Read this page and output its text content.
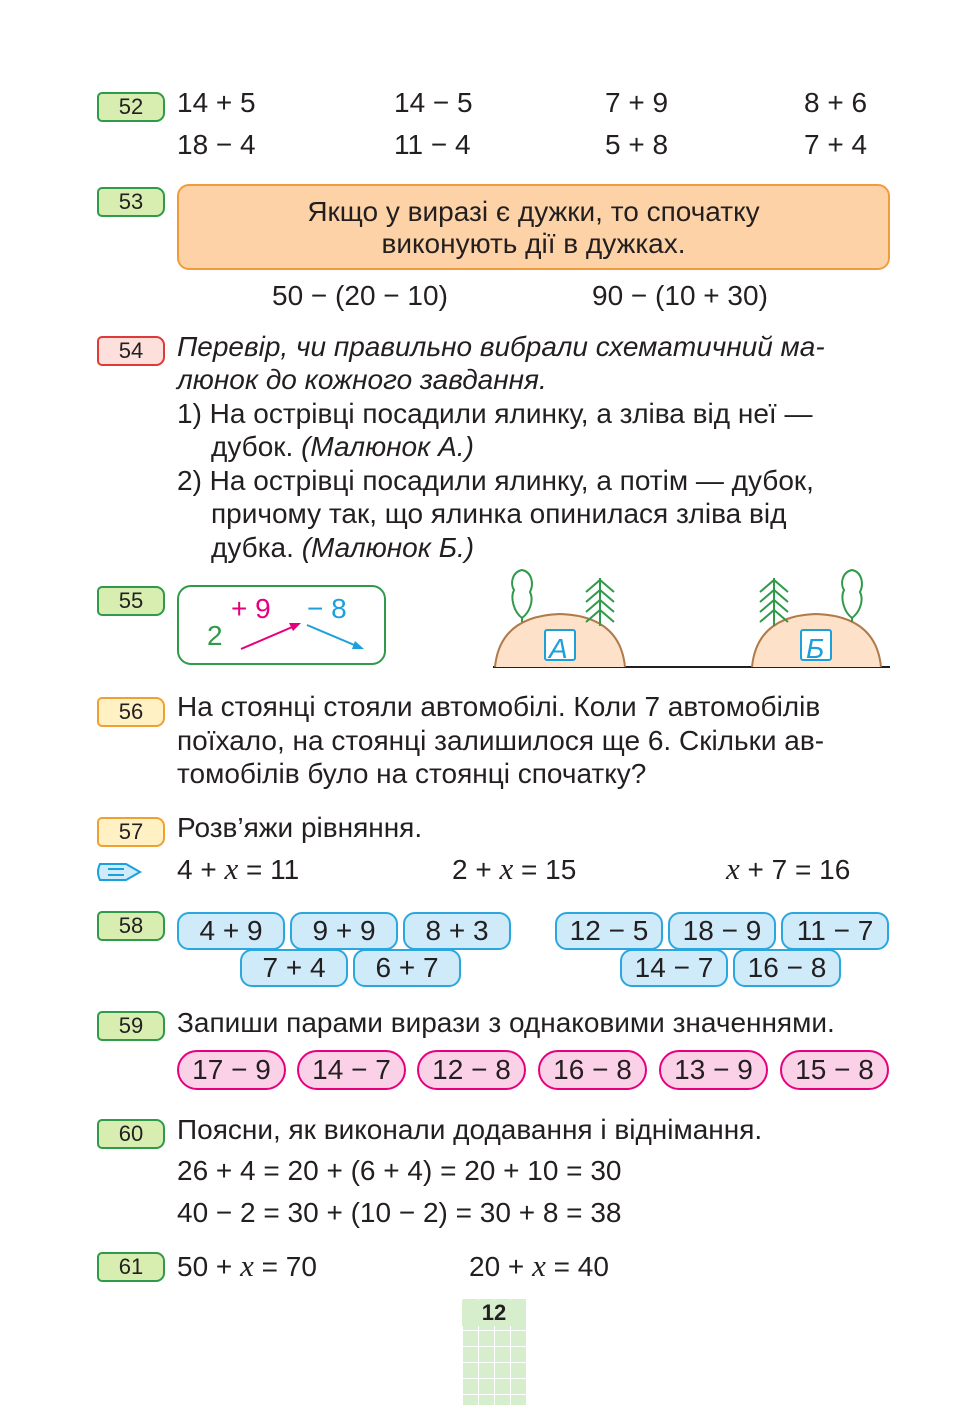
52	14 + 5	14 − 5	7 + 9	8 + 6
18 − 4	11 − 4	5 + 8	7 + 4
53	Якщо у виразі є дужки, то спочатку
виконують дії в дужках.
50 − (20 − 10)	90 − (10 + 30)
54	Перевір, чи правильно вибрали схематичний ма-
люнок до кожного завдання.
1) На острівці посадили ялинку, а зліва від неї —
дубок. (Малюнок А.)
2) На острівці посадили ялинку, а потім — дубок,
причому так, що ялинка опинилася зліва від
дубка. (Малюнок Б.)
55
2
+ 9 − 8
А	Б
56	На стоянці стояли автомобілі. Коли 7 автомобілів
поїхало, на стоянці залишилося ще 6. Скільки ав-
томобілів було на стоянці спочатку?
57	Розв’яжи рівняння.
4 + x = 11	2 + x = 15	x + 7 = 16
58	4 + 9	9 + 9	8 + 3
7 + 4	6 + 7
12 − 5	18 − 9	11 − 7
14 − 7	16 − 8
59	Запиши парами вирази з однаковими значеннями.
17 − 9	14 − 7	12 − 8	16 − 8	13 − 9	15 − 8
60	Поясни, як виконали додавання і віднімання.
26 + 4 = 20 + (6 + 4) = 20 + 10 = 30
40 − 2 = 30 + (10 − 2) = 30 + 8 = 38
61	50 + x = 70	20 + x = 40
12
